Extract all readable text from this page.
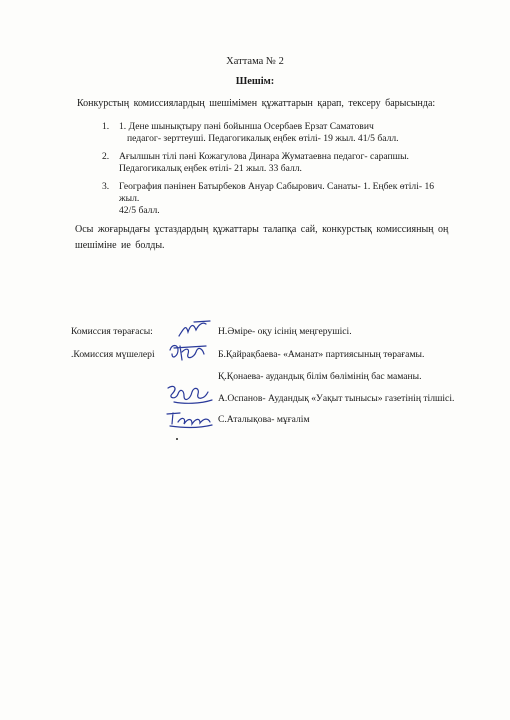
Хаттама № 2
Шешім:
Конкурстың комиссиялардың шешімімен құжаттарын қарап, тексеру барысында:
1. 1. Дене шынықтыру пәні бойынша Осербаев Ерзат Саматович
педагог- зерттеуші. Педагогикалық еңбек өтілі- 19 жыл. 41/5 балл.
2. Ағылшын тілі пәні Кожагулова Динара Жуматаевна педагог- сарапшы.
Педагогикалық еңбек өтілі- 21 жыл. 33 балл.
3. География пәнінен Батырбеков Ануар Сабырович. Санаты- 1. Еңбек өтілі- 16
жыл.
42/5 балл.
Осы жоғарыдағы ұстаздардың құжаттары талапқа сай, конкурстық комиссияның оң
шешіміне ие болды.
Комиссия төрағасы:
.Комиссия мүшелері
Н.Әміре- оқу ісінің меңгерушісі.
Б.Қайрақбаева- «Аманат» партиясының төрағамы.
Қ.Қонаева- аудандық білім бөлімінің бас маманы.
А.Оспанов- Аудандық «Уақыт тынысы» газетінің тілшісі.
С.Аталықова- мұғалім
